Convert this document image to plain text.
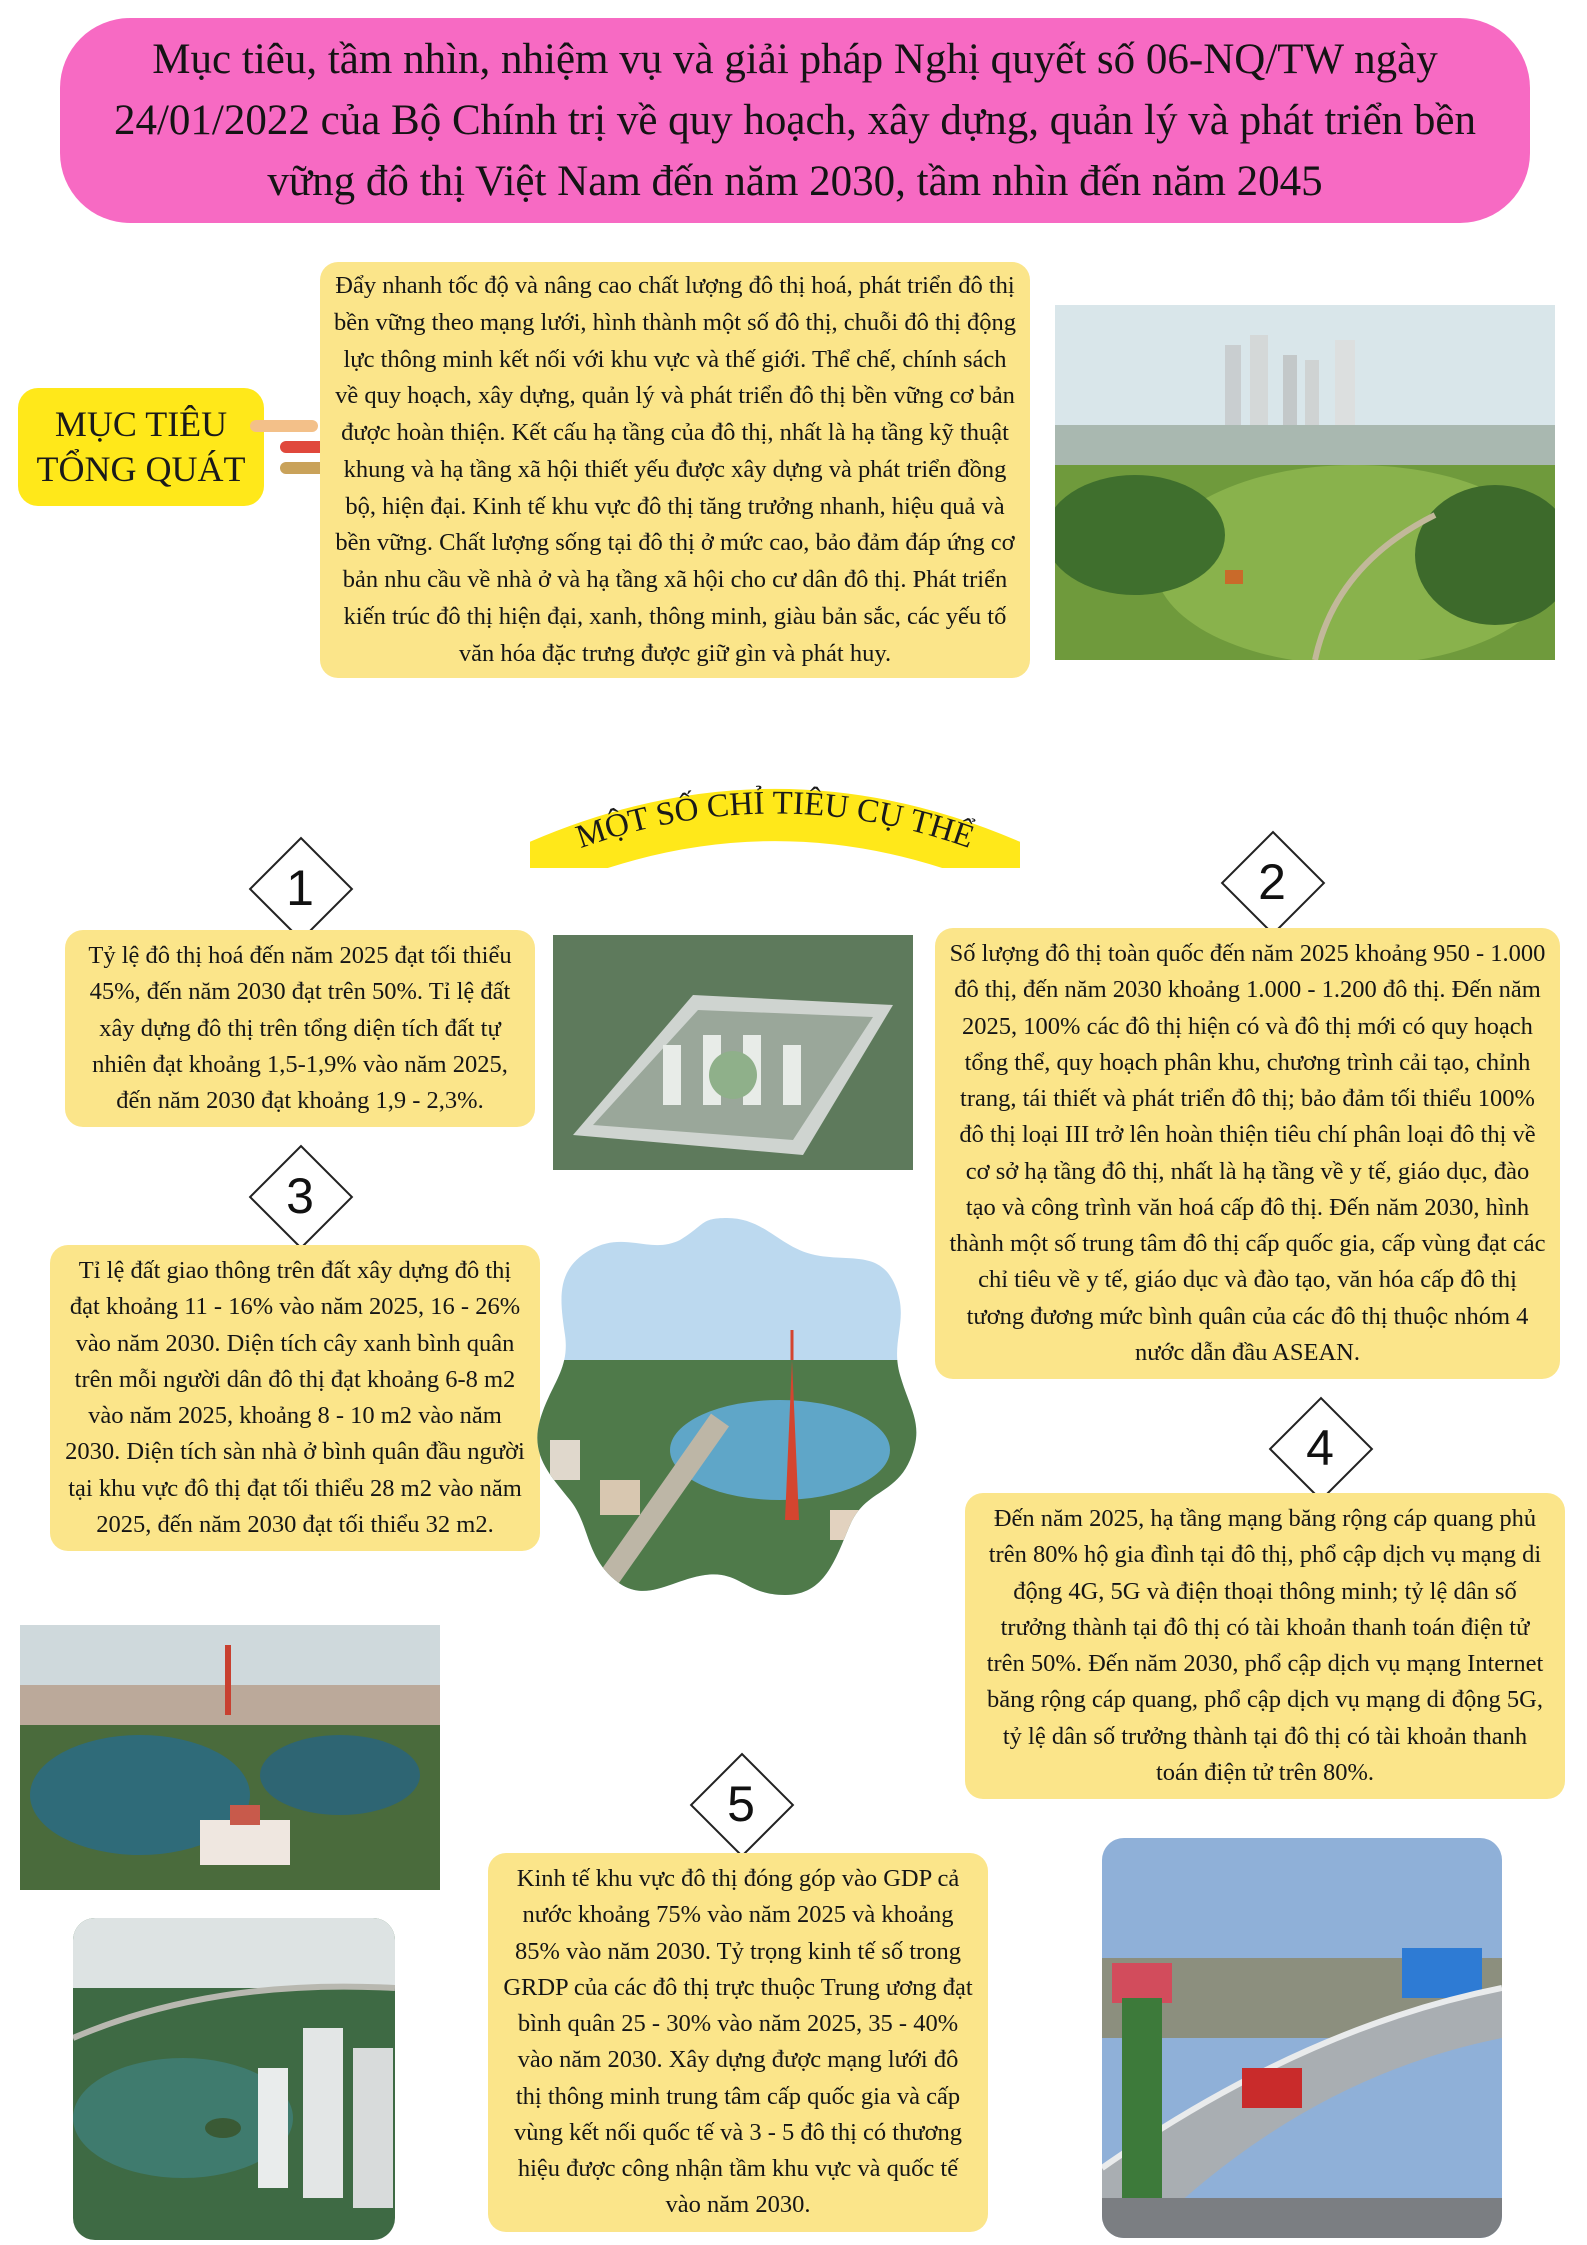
Mục tiêu, tầm nhìn, nhiệm vụ và giải pháp Nghị quyết số 06-NQ/TW ngày 24/01/2022 của Bộ Chính trị về quy hoạch, xây dựng, quản lý và phát triển bền vững đô thị Việt Nam đến năm 2030, tầm nhìn đến năm 2045
MỤC TIÊU TỔNG QUÁT
Đẩy nhanh tốc độ và nâng cao chất lượng đô thị hoá, phát triển đô thị bền vững theo mạng lưới, hình thành một số đô thị, chuỗi đô thị động lực thông minh kết nối với khu vực và thế giới. Thể chế, chính sách về quy hoạch, xây dựng, quản lý và phát triển đô thị bền vững cơ bản được hoàn thiện. Kết cấu hạ tầng của đô thị, nhất là hạ tầng kỹ thuật khung và hạ tầng xã hội thiết yếu được xây dựng và phát triển đồng bộ, hiện đại. Kinh tế khu vực đô thị tăng trưởng nhanh, hiệu quả và bền vững. Chất lượng sống tại đô thị ở mức cao, bảo đảm đáp ứng cơ bản nhu cầu về nhà ở và hạ tầng xã hội cho cư dân đô thị. Phát triển kiến trúc đô thị hiện đại, xanh, thông minh, giàu bản sắc, các yếu tố văn hóa đặc trưng được giữ gìn và phát huy.
MỘT SỐ CHỈ TIÊU CỤ THỂ
1
Tỷ lệ đô thị hoá đến năm 2025 đạt tối thiểu 45%, đến năm 2030 đạt trên 50%. Tỉ lệ đất xây dựng đô thị trên tổng diện tích đất tự nhiên đạt khoảng 1,5-1,9% vào năm 2025, đến năm 2030 đạt khoảng 1,9 - 2,3%.
2
Số lượng đô thị toàn quốc đến năm 2025 khoảng 950 - 1.000 đô thị, đến năm 2030 khoảng 1.000 - 1.200 đô thị. Đến năm 2025, 100% các đô thị hiện có và đô thị mới có quy hoạch tổng thể, quy hoạch phân khu, chương trình cải tạo, chỉnh trang, tái thiết và phát triển đô thị; bảo đảm tối thiểu 100% đô thị loại III trở lên hoàn thiện tiêu chí phân loại đô thị về cơ sở hạ tầng đô thị, nhất là hạ tầng về y tế, giáo dục, đào tạo và công trình văn hoá cấp đô thị. Đến năm 2030, hình thành một số trung tâm đô thị cấp quốc gia, cấp vùng đạt các chỉ tiêu về y tế, giáo dục và đào tạo, văn hóa cấp đô thị tương đương mức bình quân của các đô thị thuộc nhóm 4 nước dẫn đầu ASEAN.
3
Tỉ lệ đất giao thông trên đất xây dựng đô thị đạt khoảng 11 - 16% vào năm 2025, 16 - 26% vào năm 2030. Diện tích cây xanh bình quân trên mỗi người dân đô thị đạt khoảng 6-8 m2 vào năm 2025, khoảng 8 - 10 m2 vào năm 2030. Diện tích sàn nhà ở bình quân đầu người tại khu vực đô thị đạt tối thiểu 28 m2 vào năm 2025, đến năm 2030 đạt tối thiểu 32 m2.
4
Đến năm 2025, hạ tầng mạng băng rộng cáp quang phủ trên 80% hộ gia đình tại đô thị, phổ cập dịch vụ mạng di động 4G, 5G và điện thoại thông minh; tỷ lệ dân số trưởng thành tại đô thị có tài khoản thanh toán điện tử trên 50%. Đến năm 2030, phổ cập dịch vụ mạng Internet băng rộng cáp quang, phổ cập dịch vụ mạng di động 5G, tỷ lệ dân số trưởng thành tại đô thị có tài khoản thanh toán điện tử trên 80%.
5
Kinh tế khu vực đô thị đóng góp vào GDP cả nước khoảng 75% vào năm 2025 và khoảng 85% vào năm 2030. Tỷ trọng kinh tế số trong GRDP của các đô thị trực thuộc Trung ương đạt bình quân 25 - 30% vào năm 2025, 35 - 40% vào năm 2030. Xây dựng được mạng lưới đô thị thông minh trung tâm cấp quốc gia và cấp vùng kết nối quốc tế và 3 - 5 đô thị có thương hiệu được công nhận tầm khu vực và quốc tế vào năm 2030.
